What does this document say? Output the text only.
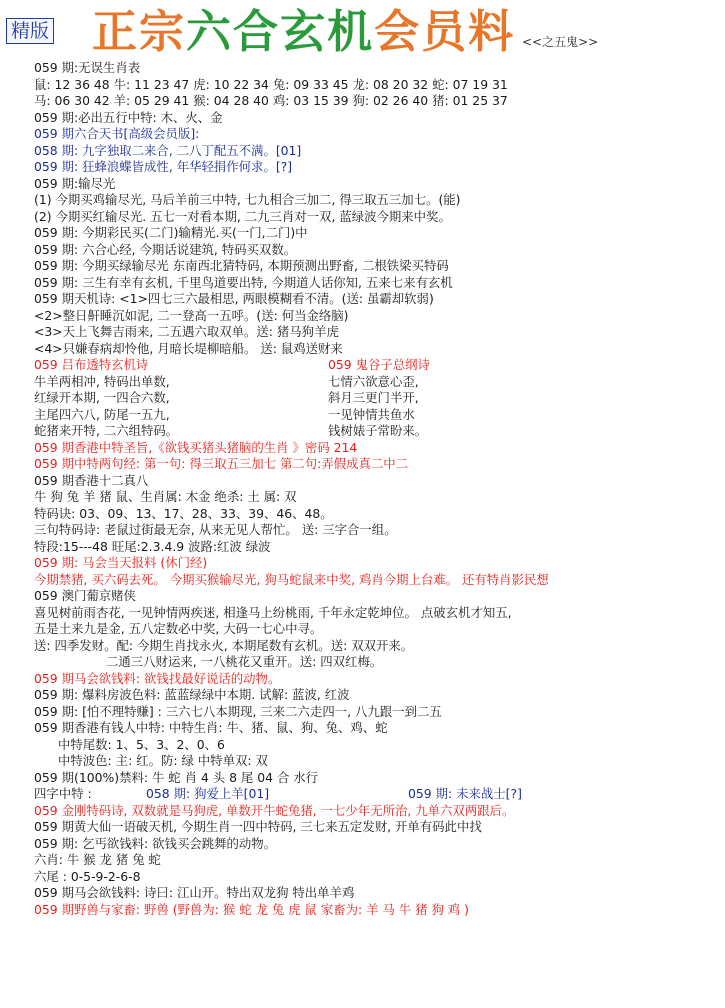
精版 正宗六合玄机会员料 <<之五鬼>>
059 期:无误生肖表
鼠: 12 36 48 牛: 11 23 47 虎: 10 22 34 兔: 09 33 45 龙: 08 20 32 蛇: 07 19 31
马: 06 30 42 羊: 05 29 41 猴: 04 28 40 鸡: 03 15 39 狗: 02 26 40 猪: 01 25 37
059 期:必出五行中特: 木、火、金
059 期六合天书[高级会员版]:
058 期: 九字独取二来合, 二八丁配五不满。[01]
059 期: 狂蜂浪蝶皆成性, 年华轻捐作何求。[?]
059 期:输尽光
(1) 今期买鸡输尽光, 马后羊前三中特, 七九相合三加二, 得三取五三加七。(能)
(2) 今期买红输尽光. 五七一对看本期, 二九三肖对一双, 蓝绿波今期来中奖。
059 期: 今期彩民买(二门)输精光.买(一门,二门)中
059 期: 六合心经, 今期话说建筑, 特码买双数。
059 期: 今期买绿输尽光 东南西北猜特码, 本期预测出野畜, 二根铁梁买特码
059 期: 三生有幸有玄机, 千里鸟道要出特, 今期道人话你知, 五来七来有玄机
059 期天机诗: <1>四七三六最相思, 两眼模糊看不清。(送: 虽霸却软弱)
<2>整日鼾睡沉如泥, 二一登高一五呼。(送: 何当金络脑)
<3>天上飞舞吉雨来, 二五遇六取双单。送: 猪马狗羊虎
<4>只嫌春病却怜他, 月暗长堤柳暗船。 送: 鼠鸡送财来
059 吕布透特玄机诗	059 鬼谷子总纲诗
牛羊两相冲, 特码出单数,	七情六欲意心歪,
红绿开本期, 一四合六数,	斜月三更门半开,
主尾四六八, 防尾一五九,	一见钟情共鱼水
蛇猪来开特, 二六组特码。	钱树婊子常盼来。
059 期香港中特圣旨,《欲钱买猪头猪脑的生肖 》密码 214
059 期中特两句经: 第一句: 得三取五三加七 第二句:弄假成真二中二
059 期香港十二真八
牛 狗 兔 羊 猪 鼠、生肖属: 木金 绝杀: 土 属: 双
特码诀: 03、09、13、17、28、33、39、46、48。
三句特码诗: 老鼠过街最无奈, 从来无见人帮忙。 送: 三字合一组。
特段:15---48 旺尾:2.3.4.9 波路:红波 绿波
059 期: 马会当天报料 (休门经)
今期禁猪, 买六码去死。 今期买猴输尽光, 狗马蛇鼠来中奖, 鸡肖今期上台难。 还有特肖影民想
059 澳门葡京赌侠
喜见树前雨杏花, 一见钟情两疾迷, 相逢马上纷桃雨, 千年永定乾坤位。 点破玄机才知五,
五是土来九是金, 五八定数必中奖, 大码一七心中寻。
送: 四季发财。配: 今期生肖找永火, 本期尾数有玄机。送: 双双开来。
二通三八财运来, 一八桃花又重开。送: 四双红梅。
059 期马会欲钱料: 欲钱找最好说话的动物。
059 期: 爆料房波色料: 蓝蓝绿绿中本期. 试解: 蓝波, 红波
059 期: [怕不理特赚] : 三六七八本期现, 三来二六走四一, 八九跟一到二五
059 期香港有钱人中特: 中特生肖: 牛、猪、鼠、狗、兔、鸡、蛇
中特尾数: 1、5、3、2、0、6
中特波色: 主: 红。防: 绿 中特单双: 双
059 期(100%)禁料: 牛 蛇 肖 4 头 8 尾 04 合 水行
四字中特 :	058 期: 狗爱上羊[01]	059 期: 未来战士[?]
059 金刚特码诗, 双数就是马狗虎, 单数开牛蛇兔猪, 一七少年无所治, 九单六双两跟后。
059 期黄大仙一语破天机, 今期生肖一四中特码, 三七来五定发财, 开单有码此中找
059 期: 乞丐欲钱料: 欲钱买会跳舞的动物。
六肖: 牛 猴 龙 猪 兔 蛇
六尾 : 0-5-9-2-6-8
059 期马会欲钱料: 诗曰: 江山开。特出双龙狗 特出单羊鸡
059 期野兽与家畜: 野兽 (野兽为: 猴 蛇 龙 兔 虎 鼠 家畜为: 羊 马 牛 猪 狗 鸡 )
